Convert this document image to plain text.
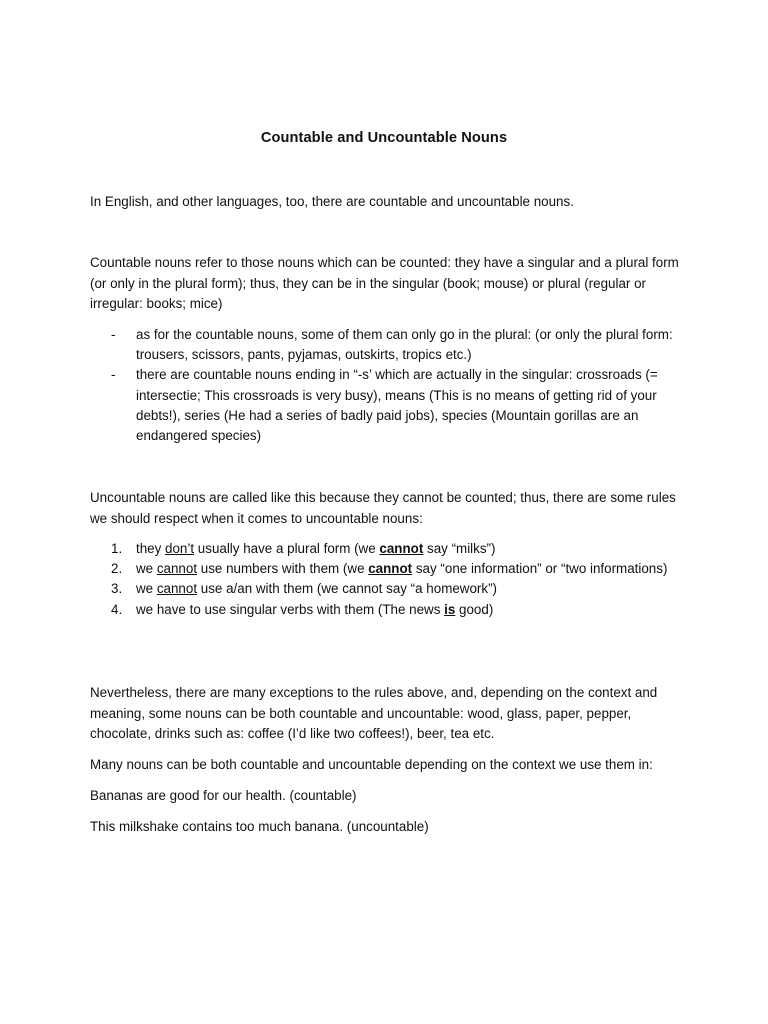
Countable and Uncountable Nouns

In English, and other languages, too, there are countable and uncountable nouns.

Countable nouns refer to those nouns which can be counted: they have a singular and a plural form (or only in the plural form); thus, they can be in the singular (book; mouse) or plural (regular or irregular: books; mice)

- as for the countable nouns, some of them can only go in the plural: (or only the plural form: trousers, scissors, pants, pyjamas, outskirts, tropics etc.)
- there are countable nouns ending in “-s’ which are actually in the singular: crossroads (= intersectie; This crossroads is very busy), means (This is no means of getting rid of your debts!), series (He had a series of badly paid jobs), species (Mountain gorillas are an endangered species)

Uncountable nouns are called like this because they cannot be counted; thus, there are some rules we should respect when it comes to uncountable nouns:

1. they don’t usually have a plural form (we cannot say “milks”)
2. we cannot use numbers with them (we cannot say “one information” or “two informations)
3. we cannot use a/an with them (we cannot say “a homework”)
4. we have to use singular verbs with them (The news is good)

Nevertheless, there are many exceptions to the rules above, and, depending on the context and meaning, some nouns can be both countable and uncountable: wood, glass, paper, pepper, chocolate, drinks such as: coffee (I’d like two coffees!), beer, tea etc.

Many nouns can be both countable and uncountable depending on the context we use them in:

Bananas are good for our health. (countable)

This milkshake contains too much banana. (uncountable)
